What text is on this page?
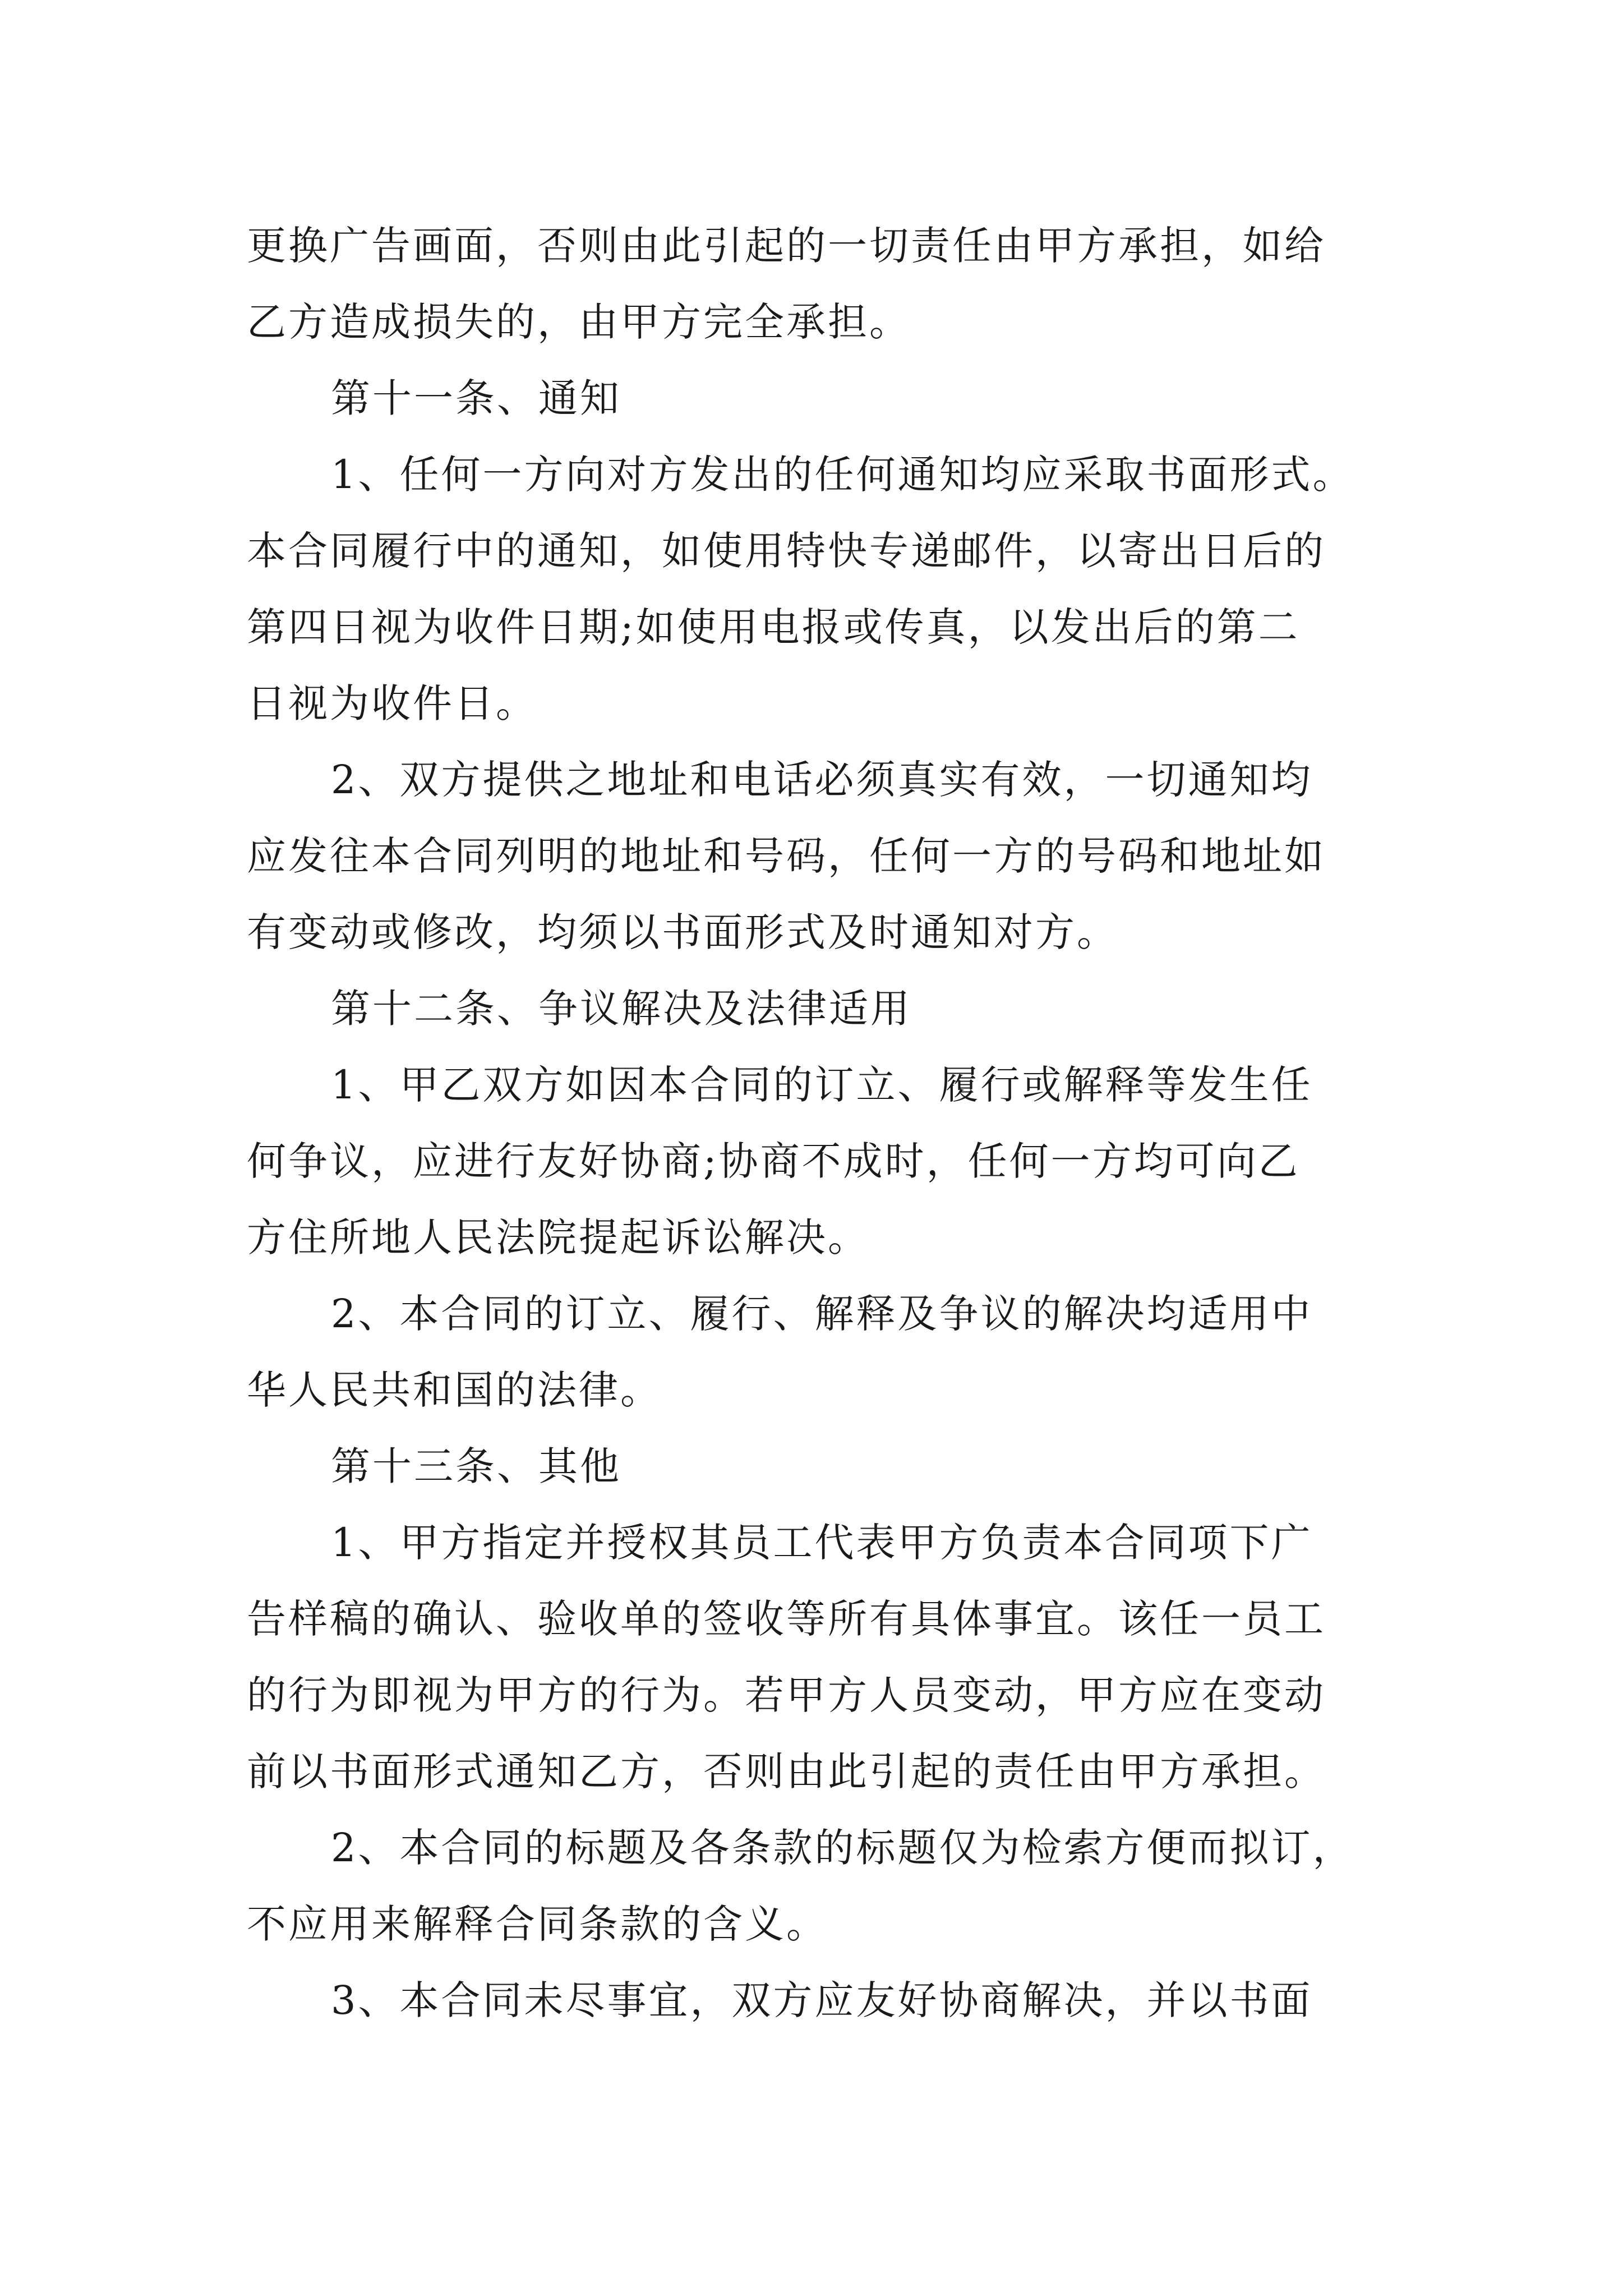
更换广告画面，否则由此引起的一切责任由甲方承担，如给
乙方造成损失的，由甲方完全承担。
第十一条、通知
1、任何一方向对方发出的任何通知均应采取书面形式。
本合同履行中的通知，如使用特快专递邮件，以寄出日后的
第四日视为收件日期;如使用电报或传真，以发出后的第二
日视为收件日。
2、双方提供之地址和电话必须真实有效，一切通知均
应发往本合同列明的地址和号码，任何一方的号码和地址如
有变动或修改，均须以书面形式及时通知对方。
第十二条、争议解决及法律适用
1、甲乙双方如因本合同的订立、履行或解释等发生任
何争议，应进行友好协商;协商不成时，任何一方均可向乙
方住所地人民法院提起诉讼解决。
2、本合同的订立、履行、解释及争议的解决均适用中
华人民共和国的法律。
第十三条、其他
1、甲方指定并授权其员工代表甲方负责本合同项下广
告样稿的确认、验收单的签收等所有具体事宜。该任一员工
的行为即视为甲方的行为。若甲方人员变动，甲方应在变动
前以书面形式通知乙方，否则由此引起的责任由甲方承担。
2、本合同的标题及各条款的标题仅为检索方便而拟订，
不应用来解释合同条款的含义。
3、本合同未尽事宜，双方应友好协商解决，并以书面
